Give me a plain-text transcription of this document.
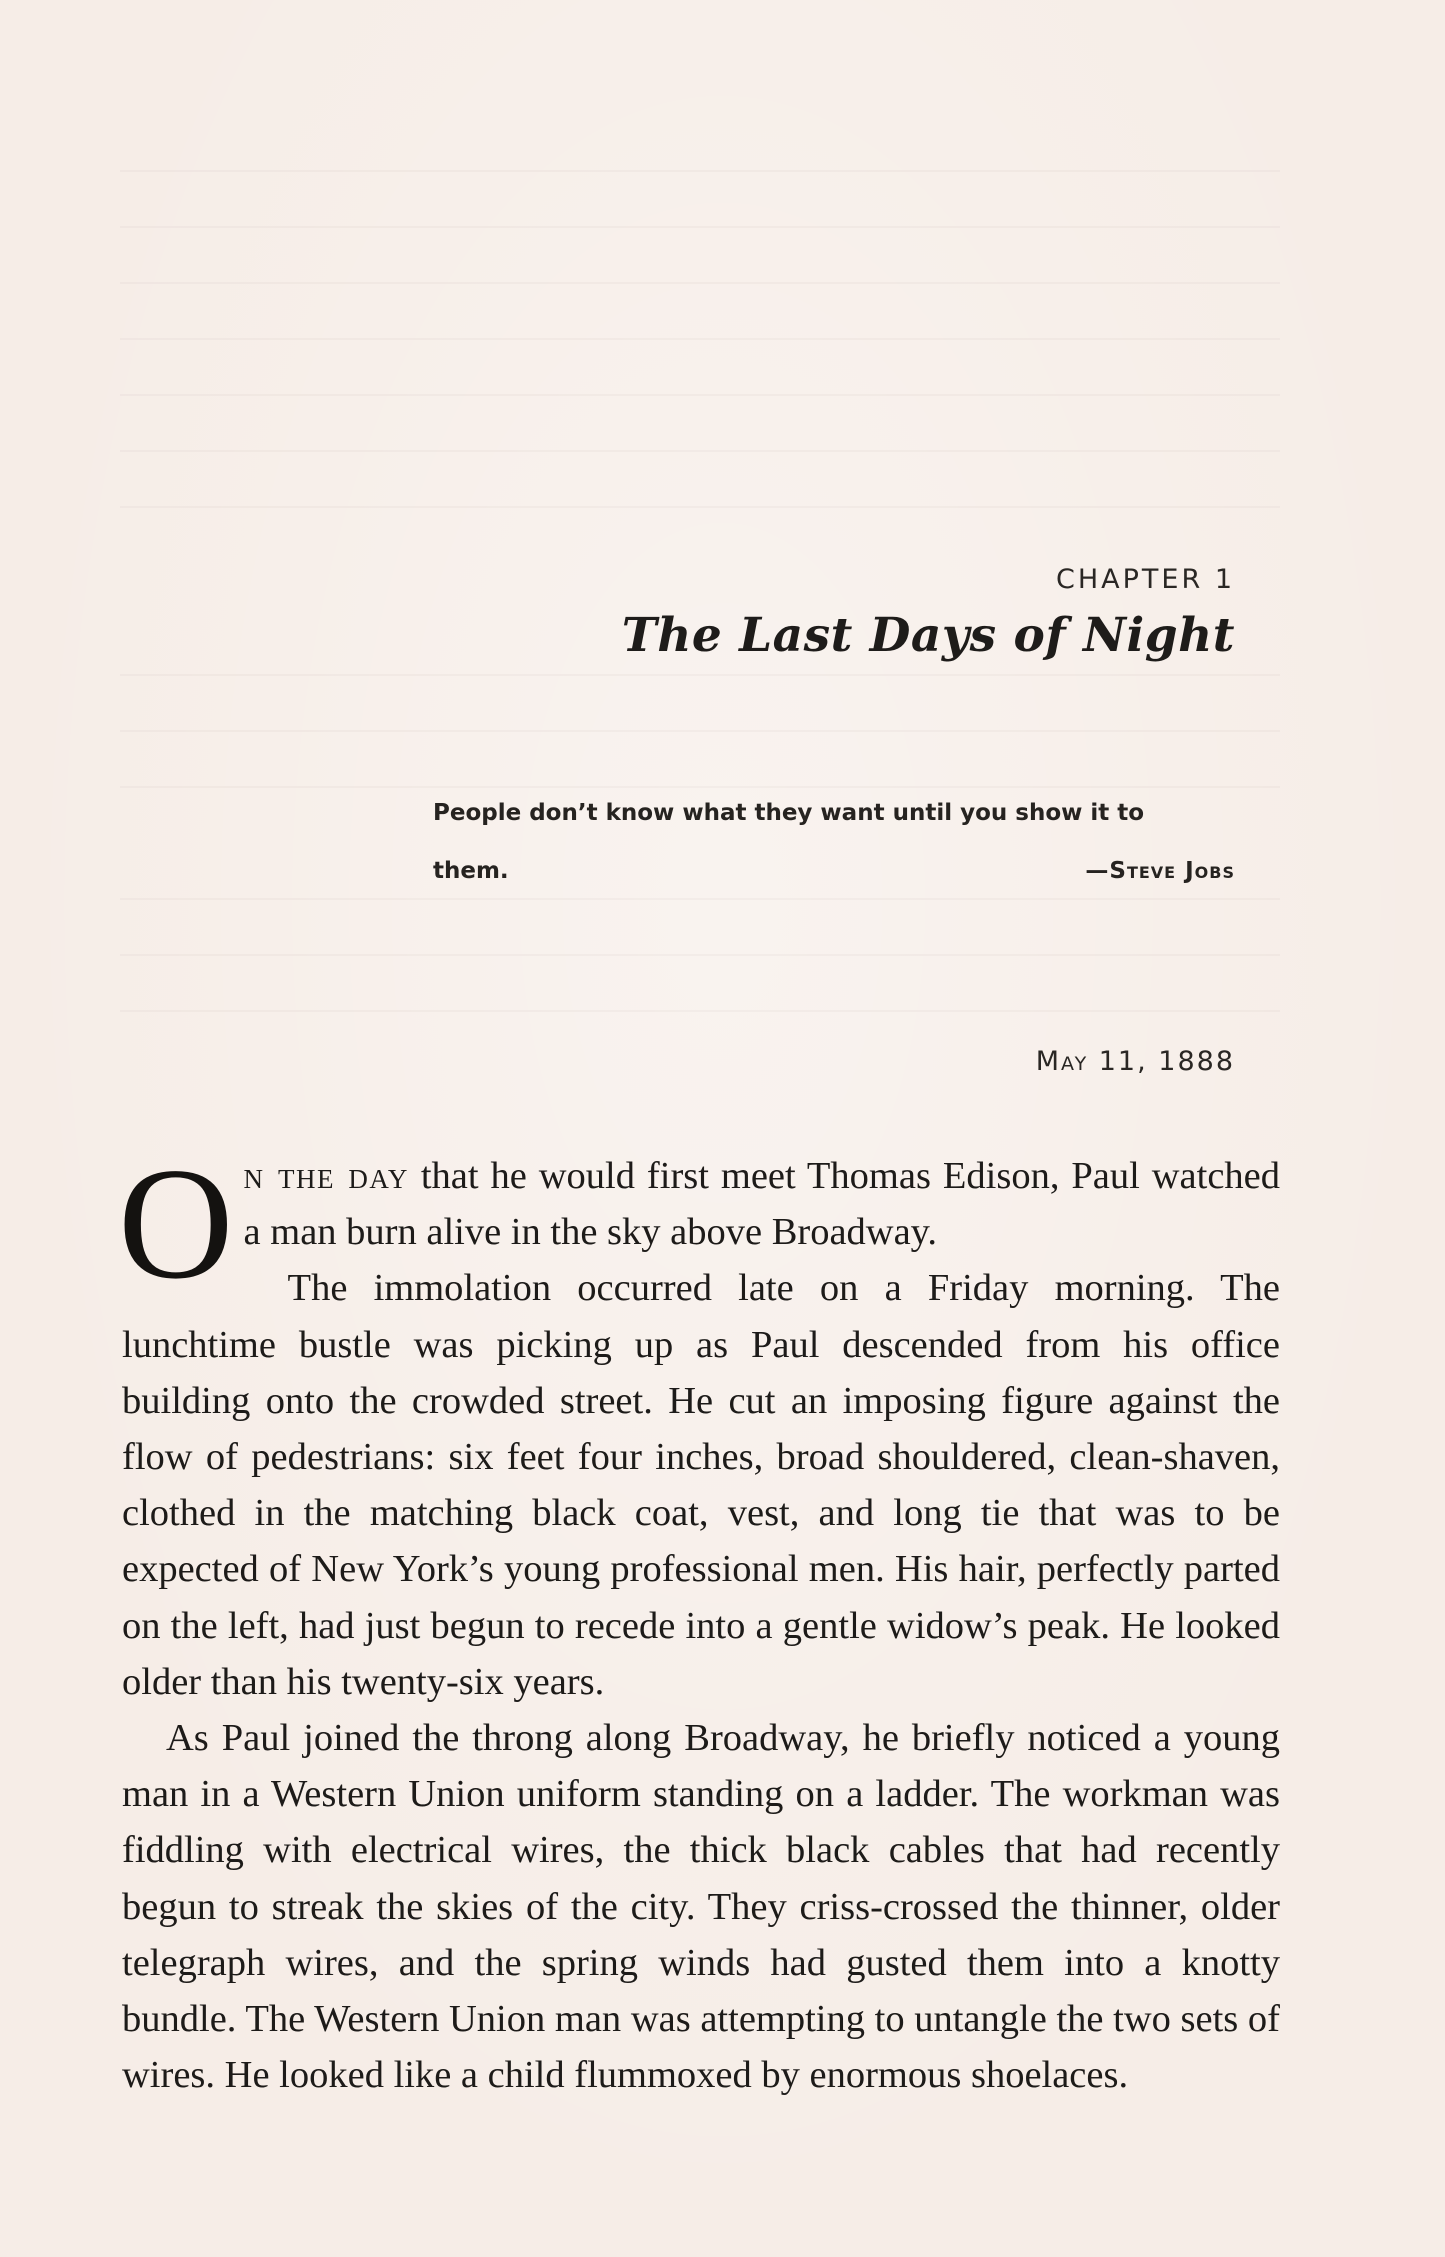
CHAPTER 1
The Last Days of Night
People don’t know what they want until you show it to
them.	—Steve Jobs
May 11, 1888

On the day that he would first meet Thomas Edison, Paul watched a man burn alive in the sky above Broadway.

The immolation occurred late on a Friday morning. The lunchtime bustle was picking up as Paul descended from his office building onto the crowded street. He cut an imposing figure against the flow of pedestrians: six feet four inches, broad shouldered, clean-shaven, clothed in the matching black coat, vest, and long tie that was to be expected of New York’s young professional men. His hair, perfectly parted on the left, had just begun to recede into a gentle widow’s peak. He looked older than his twenty-six years.

As Paul joined the throng along Broadway, he briefly noticed a young man in a Western Union uniform standing on a ladder. The workman was fiddling with electrical wires, the thick black cables that had recently begun to streak the skies of the city. They criss-crossed the thinner, older telegraph wires, and the spring winds had gusted them into a knotty bundle. The Western Union man was attempting to untangle the two sets of wires. He looked like a child flummoxed by enormous shoelaces.
